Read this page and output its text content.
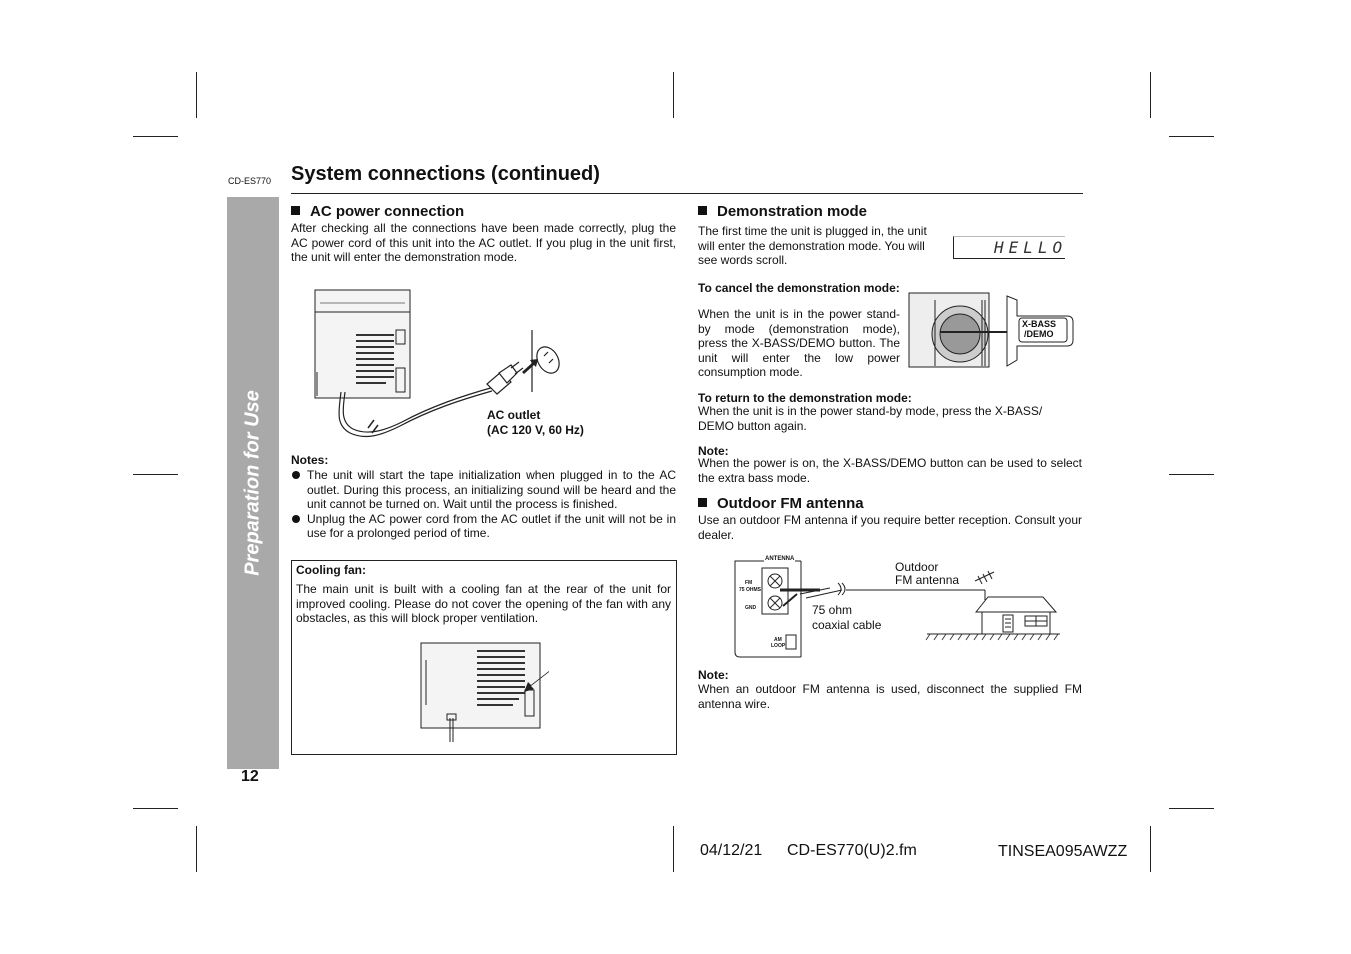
CD-ES770 System connections (continued)
Preparation for Use
12
AC power connection

After checking all the connections have been made correctly, plug the AC power cord of this unit into the AC outlet. If you plug in the unit first, the unit will enter the demonstration mode.

AC outlet
(AC 120 V, 60 Hz)
Notes:
The unit will start the tape initialization when plugged in to the AC outlet. During this process, an initializing sound will be heard and the unit cannot be turned on. Wait until the process is finished.
Unplug the AC power cord from the AC outlet if the unit will not be in use for a prolonged period of time.
Cooling fan:

The main unit is built with a cooling fan at the rear of the unit for improved cooling. Please do not cover the opening of the fan with any obstacles, as this will block proper ventilation.

Demonstration mode

The first time the unit is plugged in, the unit will enter the demonstration mode. You will see words scroll.

HELLO

To cancel the demonstration mode:

When the unit is in the power stand-by mode (demonstration mode), press the X-BASS/DEMO button. The unit will enter the low power consumption mode.

X-BASS
/DEMO

To return to the demonstration mode:

When the unit is in the power stand-by mode, press the X-BASS/ DEMO button again.

Note:

When the power is on, the X-BASS/DEMO button can be used to select the extra bass mode.

Outdoor FM antenna

Use an outdoor FM antenna if you require better reception. Consult your dealer.

ANTENNA
FM
75 OHMS
GND
AM
LOOP
Outdoor
FM antenna
75 ohm
coaxial cable

Note:

When an outdoor FM antenna is used, disconnect the supplied FM antenna wire.

04/12/21 CD-ES770(U)2.fm	TINSEA095AWZZ
